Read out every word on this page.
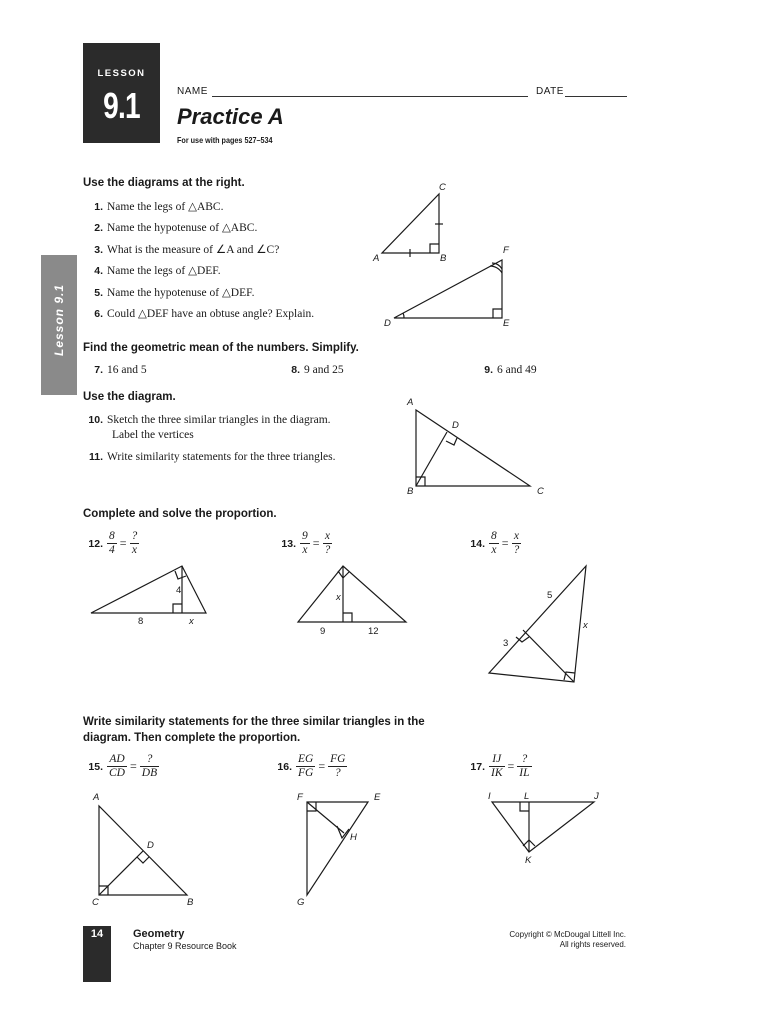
LESSON
9.1
Lesson 9.1
NAME	DATE
Practice A
For use with pages 527–534
Use the diagrams at the right.
1. Name the legs of △ABC.
2. Name the hypotenuse of △ABC.
3. What is the measure of ∠A and ∠C?
4. Name the legs of △DEF.
5. Name the hypotenuse of △DEF.
6. Could △DEF have an obtuse angle? Explain.
Find the geometric mean of the numbers. Simplify.
7. 16 and 5	8. 9 and 25	9. 6 and 49
Use the diagram.
10. Sketch the three similar triangles in the diagram.
Label the vertices
11. Write similarity statements for the three triangles.
Complete and solve the proportion.
12. $\frac{8}{4} = \frac{?}{x}$	13. $\frac{9}{x} = \frac{x}{?}$	14. $\frac{8}{x} = \frac{x}{?}$
Write similarity statements for the three similar triangles in the
diagram. Then complete the proportion.
15. $\frac{AD}{CD} = \frac{?}{DB}$	16. $\frac{EG}{FG} = \frac{FG}{?}$	17. $\frac{IJ}{IK} = \frac{?}{IL}$
C
A	B
F
D	E
A
D
B	C
4
8	x
x
9	12
5
x
3
A
D
C	B
F	E
H
G
I	L	J
K
14	Geometry
Chapter 9 Resource Book
Copyright © McDougal Littell Inc.
All rights reserved.
